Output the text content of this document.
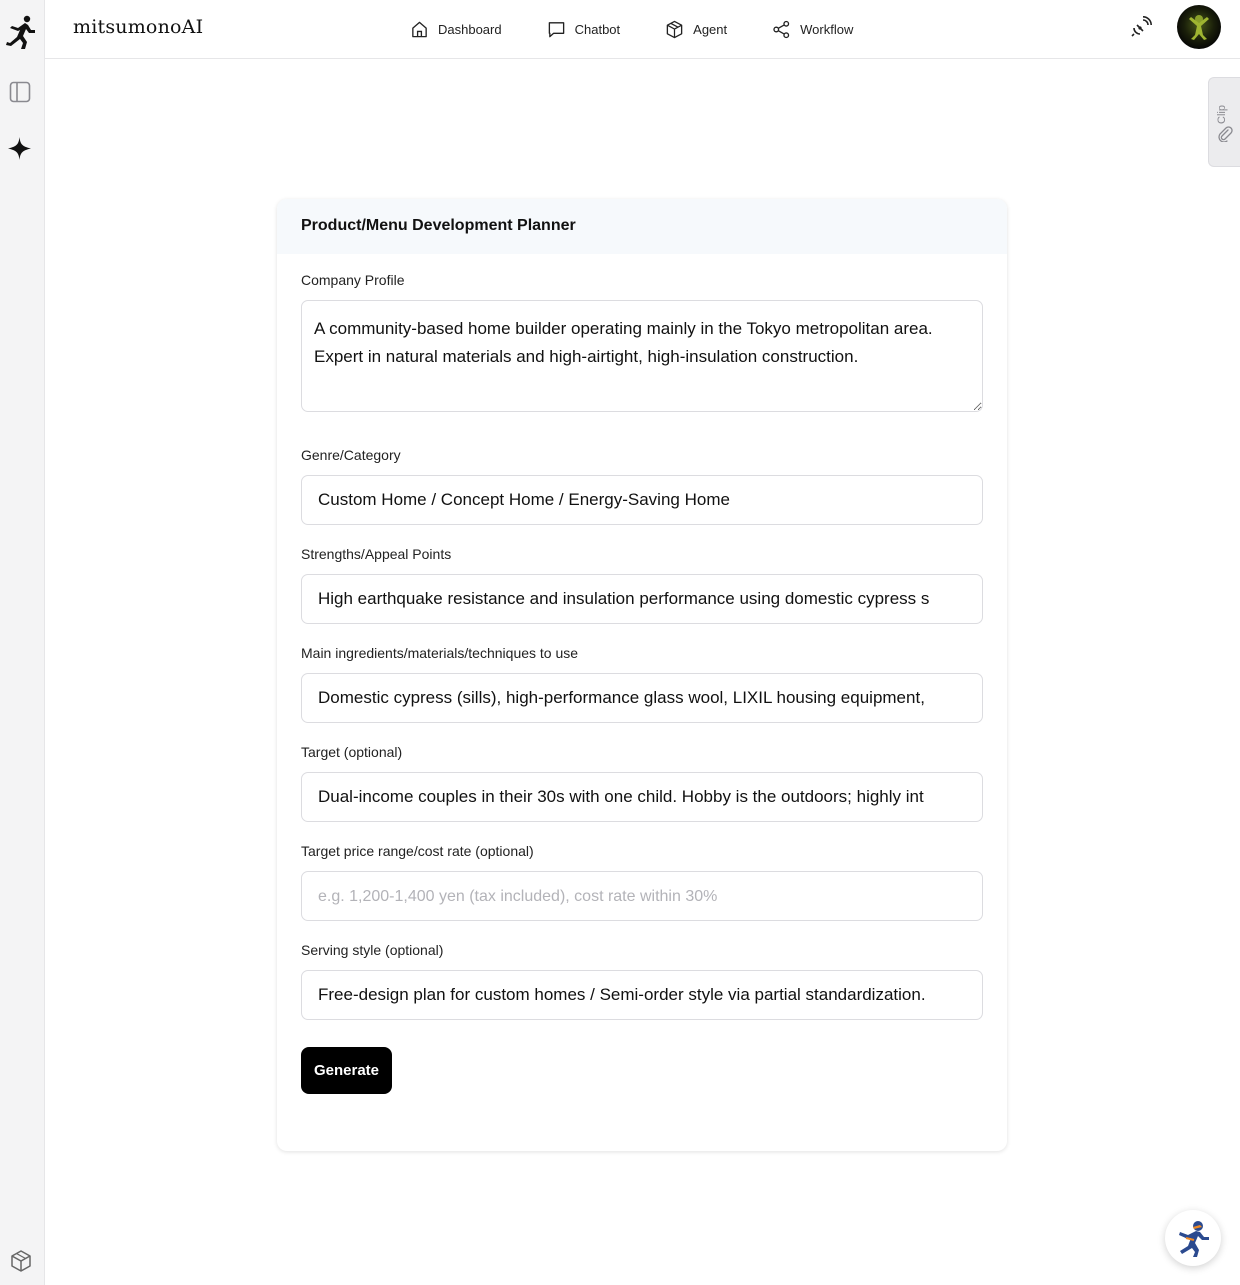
mitsumonoAI	Dashboard	Chatbot	Agent	Workflow
Clip
Product/Menu Development Planner
Company Profile
A community-based home builder operating mainly in the Tokyo metropolitan area. Expert in natural materials and high-airtight, high-insulation construction.
Genre/Category
Custom Home / Concept Home / Energy-Saving Home
Strengths/Appeal Points
High earthquake resistance and insulation performance using domestic cypress s
Main ingredients/materials/techniques to use
Domestic cypress (sills), high-performance glass wool, LIXIL housing equipment,
Target (optional)
Dual-income couples in their 30s with one child. Hobby is the outdoors; highly int
Target price range/cost rate (optional)
e.g. 1,200-1,400 yen (tax included), cost rate within 30%
Serving style (optional)
Free-design plan for custom homes / Semi-order style via partial standardization.
Generate
